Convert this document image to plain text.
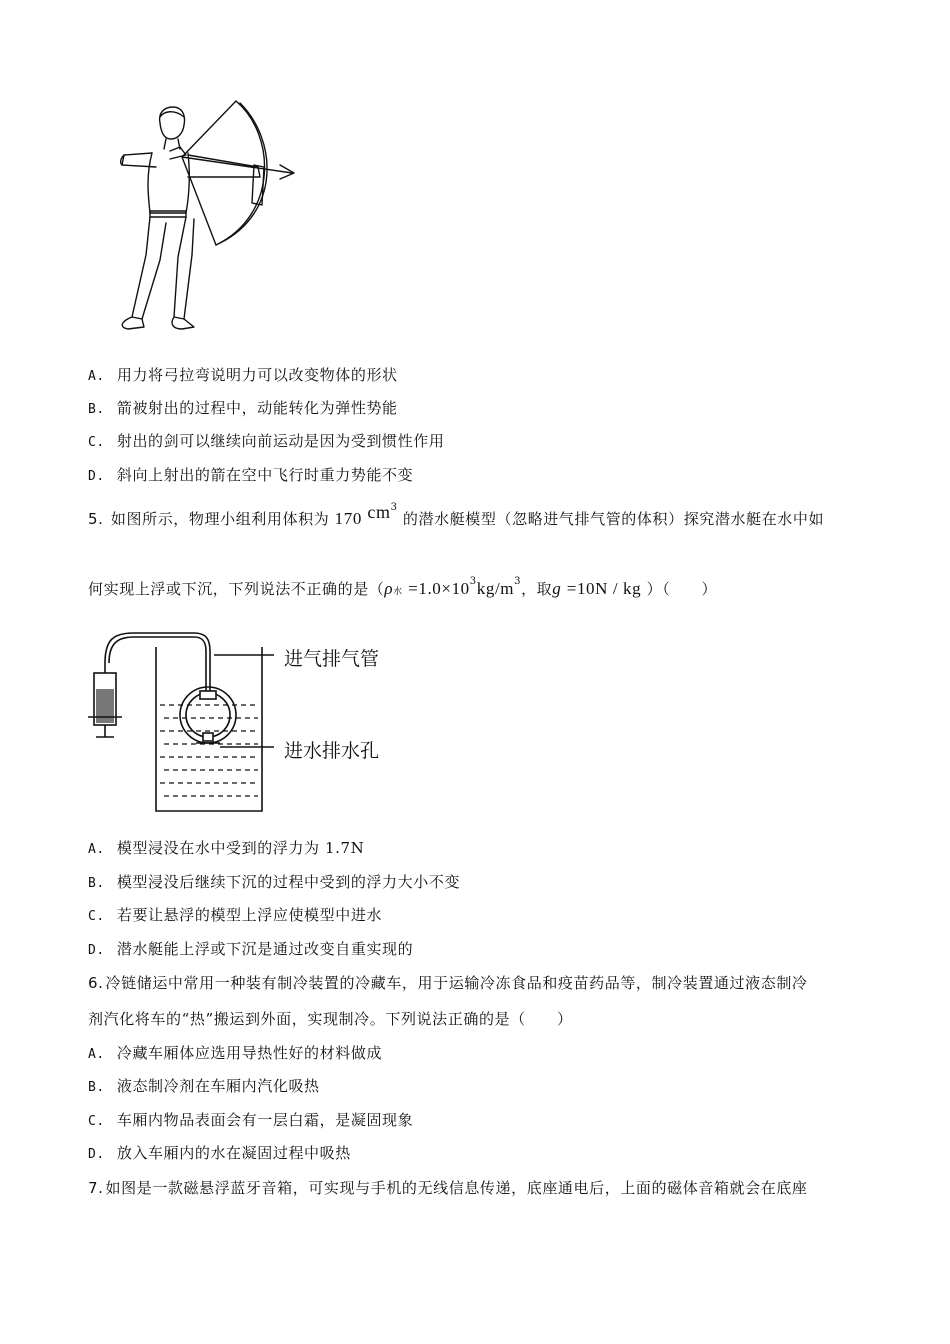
A. 用力将弓拉弯说明力可以改变物体的形状
B. 箭被射出的过程中，动能转化为弹性势能
C. 射出的剑可以继续向前运动是因为受到惯性作用
D. 斜向上射出的箭在空中飞行时重力势能不变
5. 如图所示，物理小组利用体积为 170 $cm^3$ 的潜水艇模型（忽略进气排气管的体积）探究潜水艇在水中如
何实现上浮或下沉，下列说法不正确的是（ρ水 $=1.0\times 10^3kg/m^3$，取g =10N / kg ）（　　）
进气排气管
进水排水孔
A. 模型浸没在水中受到的浮力为 1.7N
B. 模型浸没后继续下沉的过程中受到的浮力大小不变
C. 若要让悬浮的模型上浮应使模型中进水
D. 潜水艇能上浮或下沉是通过改变自重实现的
6. 冷链储运中常用一种装有制冷装置的冷藏车，用于运输冷冻食品和疫苗药品等，制冷装置通过液态制冷
剂汽化将车的“热”搬运到外面，实现制冷。下列说法正确的是（　　）
A. 冷藏车厢体应选用导热性好的材料做成
B. 液态制冷剂在车厢内汽化吸热
C. 车厢内物品表面会有一层白霜，是凝固现象
D. 放入车厢内的水在凝固过程中吸热
7. 如图是一款磁悬浮蓝牙音箱，可实现与手机的无线信息传递，底座通电后，上面的磁体音箱就会在底座
